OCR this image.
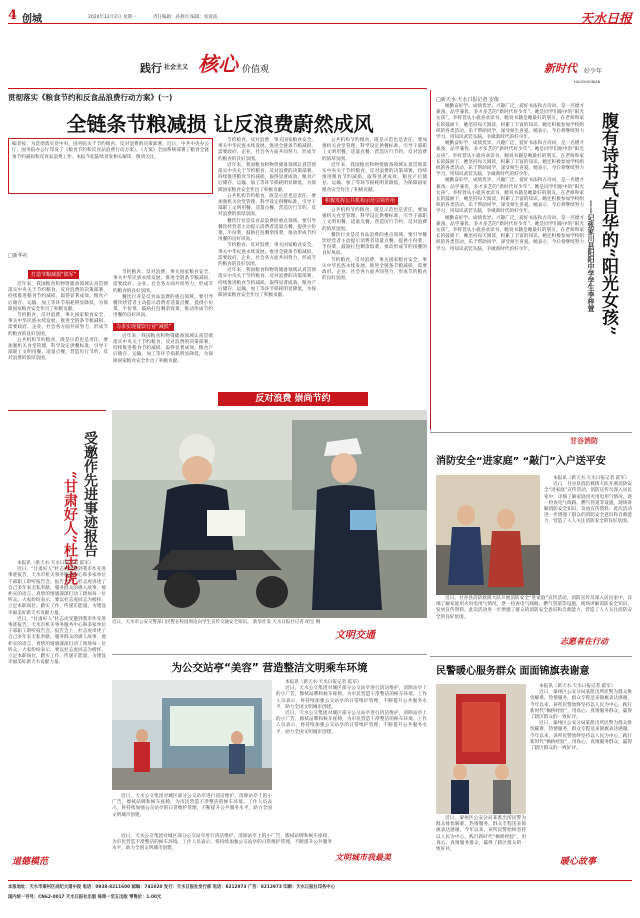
4 创城	2024年12月2日 星期一	责任编辑：孙燕玲 编辑：张爱波	天水日报
践行 社会主义 核心 价值观	新时代 好少年
HAOSHAONIAN
贯彻落实《粮食节约和反食品浪费行动方案》(一)
全链条节粮减损 让反浪费蔚然成风
编者按：为贯彻落实党中央、国务院关于节约粮食、反对浪费的决策部署，近日，中共中央办公厅、国务院办公厅印发了《粮食节约和反食品浪费行动方案》。《方案》全面系统部署了粮食全链条节约减损和反食品浪费工作。本报今起陆续刊发相关解读，敬请关注。

节约粮食、反对浪费，事关国家粮食安全，事关中华民族永续发展。推进全链条节粮减损，需要政府、企业、社会各方面共同努力，形成节约粮食的良好氛围。

近年来，我国粮食和物资储备领域认真贯彻落实中央关于节约粮食、反对浪费的决策部署，持续推进粮食节约减损，取得显著成效。粮食产后储存、运输、加工等环节损耗明显降低，为保障国家粮食安全作出了积极贡献。

公共机构节约粮食，既是示范也是责任。要加强机关食堂管理，科学设定供餐标准，引导干部职工文明用餐、适量点餐，营造厉行节约、反对浪费的浓厚氛围。

餐饮行业是反食品浪费的重点领域。要引导餐饮经营者主动提示消费者适量点餐，提供小份菜、半份菜，鼓励打包剩余饭菜，推动形成节约用餐的良好风尚。

节约粮食、反对浪费，事关国家粮食安全，事关中华民族永续发展。推进全链条节粮减损，需要政府、企业、社会各方面共同努力，形成节约粮食的良好氛围。

近年来，我国粮食和物资储备领域认真贯彻落实中央关于节约粮食、反对浪费的决策部署，持续推进粮食节约减损，取得显著成效。粮食产后储存、运输、加工等环节损耗明显降低，为保障国家粮食安全作出了积极贡献。

公共机构节约粮食，既是示范也是责任。要加强机关食堂管理，科学设定供餐标准，引导干部职工文明用餐、适量点餐，营造厉行节约、反对浪费的浓厚氛围。

近年来，我国粮食和物资储备领域认真贯彻落实中央关于节约粮食、反对浪费的决策部署，持续推进粮食节约减损，取得显著成效。粮食产后储存、运输、加工等环节损耗明显降低，为保障国家粮食安全作出了积极贡献。

积极发挥公共机构示范引领作用

公共机构节约粮食，既是示范也是责任。要加强机关食堂管理，科学设定供餐标准，引导干部职工文明用餐、适量点餐，营造厉行节约、反对浪费的浓厚氛围。

餐饮行业是反食品浪费的重点领域。要引导餐饮经营者主动提示消费者适量点餐，提供小份菜、半份菜，鼓励打包剩余饭菜，推动形成节约用餐的良好风尚。

节约粮食、反对浪费，事关国家粮食安全，事关中华民族永续发展。推进全链条节粮减损，需要政府、企业、社会各方面共同努力，形成节约粮食的良好氛围。

□新华社
打造节粮减损“铁军”

近年来，我国粮食和物资储备领域认真贯彻落实中央关于节约粮食、反对浪费的决策部署，持续推进粮食节约减损，取得显著成效。粮食产后储存、运输、加工等环节损耗明显降低，为保障国家粮食安全作出了积极贡献。

节约粮食、反对浪费，事关国家粮食安全，事关中华民族永续发展。推进全链条节粮减损，需要政府、企业、社会各方面共同努力，形成节约粮食的良好氛围。

公共机构节约粮食，既是示范也是责任。要加强机关食堂管理，科学设定供餐标准，引导干部职工文明用餐、适量点餐，营造厉行节约、反对浪费的浓厚氛围。

节约粮食、反对浪费，事关国家粮食安全，事关中华民族永续发展。推进全链条节粮减损，需要政府、企业、社会各方面共同努力，形成节约粮食的良好氛围。

餐饮行业是反食品浪费的重点领域。要引导餐饮经营者主动提示消费者适量点餐，提供小份菜、半份菜，鼓励打包剩余饭菜，推动形成节约用餐的良好风尚。

力求实现餐饮行业“减损”

近年来，我国粮食和物资储备领域认真贯彻落实中央关于节约粮食、反对浪费的决策部署，持续推进粮食节约减损，取得显著成效。粮食产后储存、运输、加工等环节损耗明显降低，为保障国家粮食安全作出了积极贡献。

反对浪费 崇尚节约
“甘肃好人”杜志虎 受邀作先进事迹报告

本报讯（新天水·天水日报记者 霍军）

近日，“甘肃好人”杜志虎受邀到我市作先进事迹报告，天水市机关事务服务中心和多家单位干部职工聆听报告会。报告会上，杜志虎讲述了自己多年来无私奉献、服务群众的感人故事，他朴实的语言、真挚的情感深深打动了现场每一位听众。大家纷纷表示，要以杜志虎同志为榜样，立足本职岗位，踏实工作，传递正能量，为建设幸福美好新天水贡献力量。

近日，“甘肃好人”杜志虎受邀到我市作先进事迹报告，天水市机关事务服务中心和多家单位干部职工聆听报告会。报告会上，杜志虎讲述了自己多年来无私奉献、服务群众的感人故事，他朴实的语言、真挚的情感深深打动了现场每一位听众。大家纷纷表示，要以杜志虎同志为榜样，立足本职岗位，踏实工作，传递正能量，为建设幸福美好新天水贡献力量。

近日，天水市公安交警部门民警在校园周边向学生宣传交通安全知识。 新华社发 天水日报社记者 胡宝 摄
文明交通
□新天水·天水日报记者 安俊

她勤奋好学、成绩优异，兴趣广泛，爱好书法和古诗词，是一名德才兼备、品学兼优、多才多艺的“新时代好少年”。她是同学们眼中的“阳光女孩”。李梓萱从小就喜欢读书，她说书籍是她最好的朋友。在老师和家长的鼓励下，她坚持每天阅读，积累了丰富的知识。她还积极参加学校组织的各类活动，乐于帮助同学，深受师生喜爱。她表示，今后将继续努力学习，用知识武装头脑，争做新时代的好少年。

她勤奋好学、成绩优异，兴趣广泛，爱好书法和古诗词，是一名德才兼备、品学兼优、多才多艺的“新时代好少年”。她是同学们眼中的“阳光女孩”。李梓萱从小就喜欢读书，她说书籍是她最好的朋友。在老师和家长的鼓励下，她坚持每天阅读，积累了丰富的知识。她还积极参加学校组织的各类活动，乐于帮助同学，深受师生喜爱。她表示，今后将继续努力学习，用知识武装头脑，争做新时代的好少年。

她勤奋好学、成绩优异，兴趣广泛，爱好书法和古诗词，是一名德才兼备、品学兼优、多才多艺的“新时代好少年”。她是同学们眼中的“阳光女孩”。李梓萱从小就喜欢读书，她说书籍是她最好的朋友。在老师和家长的鼓励下，她坚持每天阅读，积累了丰富的知识。她还积极参加学校组织的各类活动，乐于帮助同学，深受师生喜爱。她表示，今后将继续努力学习，用知识武装头脑，争做新时代的好少年。

她勤奋好学、成绩优异，兴趣广泛，爱好书法和古诗词，是一名德才兼备、品学兼优、多才多艺的“新时代好少年”。她是同学们眼中的“阳光女孩”。李梓萱从小就喜欢读书，她说书籍是她最好的朋友。在老师和家长的鼓励下，她坚持每天阅读，积累了丰富的知识。她还积极参加学校组织的各类活动，乐于帮助同学，深受师生喜爱。她表示，今后将继续努力学习，用知识武装头脑，争做新时代的好少年。	腹有诗书气自华的“阳光女孩”
——记张家川县阳阳中学学生李梓萱
甘谷消防
消防安全“进家庭” “敲门”入户送平安

本报讯（新天水·天水日报记者 霍军）

近日，甘谷县消防救援大队开展消防安全“进家庭”宣传活动，消防宣传员深入居民家中，详细了解家庭用火用电用气情况，逐一检查电气线路、燃气管道等设施，现场讲解消防安全知识，发放宣传资料。此次活动进一步增强了群众的消防安全意识和自救能力，营造了人人关注消防安全的良好氛围。

近日，甘谷县消防救援大队开展消防安全“进家庭”宣传活动，消防宣传员深入居民家中，详细了解家庭用火用电用气情况，逐一检查电气线路、燃气管道等设施，现场讲解消防安全知识，发放宣传资料。此次活动进一步增强了群众的消防安全意识和自救能力，营造了人人关注消防安全的良好氛围。

志愿者在行动
为公交站亭“美容” 营造整洁文明乘车环境

本报讯（新天水·天水日报记者 霍军）

近日，天水公交集团对城区部分公交站亭进行清洁维护，清除站亭上的小广告，擦拭站牌和候车座椅，为市民营造干净整洁的候车环境。工作人员表示，将持续加强公交站亭的日常维护管理，不断提升公共服务水平，助力全国文明城市创建。

近日，天水公交集团对城区部分公交站亭进行清洁维护，清除站亭上的小广告，擦拭站牌和候车座椅，为市民营造干净整洁的候车环境。工作人员表示，将持续加强公交站亭的日常维护管理，不断提升公共服务水平，助力全国文明城市创建。

近日，天水公交集团对城区部分公交站亭进行清洁维护，清除站亭上的小广告，擦拭站牌和候车座椅，为市民营造干净整洁的候车环境。工作人员表示，将持续加强公交站亭的日常维护管理，不断提升公共服务水平，助力全国文明城市创建。

民警暖心服务群众 面面锦旗表谢意

本报讯（新天水·天水日报记者 霍军）

近日，秦州区公安分局某派出所民警为群众排忧解难、热情服务，群众专程送来锦旗表达感谢。今年以来，该所民警始终坚持以人民为中心，践行新时代“枫桥经验”，用真心、真情服务群众，赢得了辖区群众的一致好评。

近日，秦州区公安分局某派出所民警为群众排忧解难、热情服务，群众专程送来锦旗表达感谢。今年以来，该所民警始终坚持以人民为中心，践行新时代“枫桥经验”，用真心、真情服务群众，赢得了辖区群众的一致好评。

近日，秦州区公安分局某派出所民警为群众排忧解难、热情服务，群众专程送来锦旗表达感谢。今年以来，该所民警始终坚持以人民为中心，践行新时代“枫桥经验”，用真心、真情服务群众，赢得了辖区群众的一致好评。

道德模范	文明城市我最美	暖心故事

近日，天水公交集团对城区部分公交站亭进行清洁维护，清除站亭上的小广告，擦拭站牌和候车座椅，为市民营造干净整洁的候车环境。工作人员表示，将持续加强公交站亭的日常维护管理，不断提升公共服务水平，助力全国文明城市创建。

本报地址：天水市秦州区成纪大道中段 电话：0938-8211600 邮编：741020 发行：天水日报社发行部 电话：8212973 广告：8212973 印刷：天水日报社印务中心
国内统一刊号：CN62-0017 天水日报社出版 每周一至五出版 零售价：1.00元
